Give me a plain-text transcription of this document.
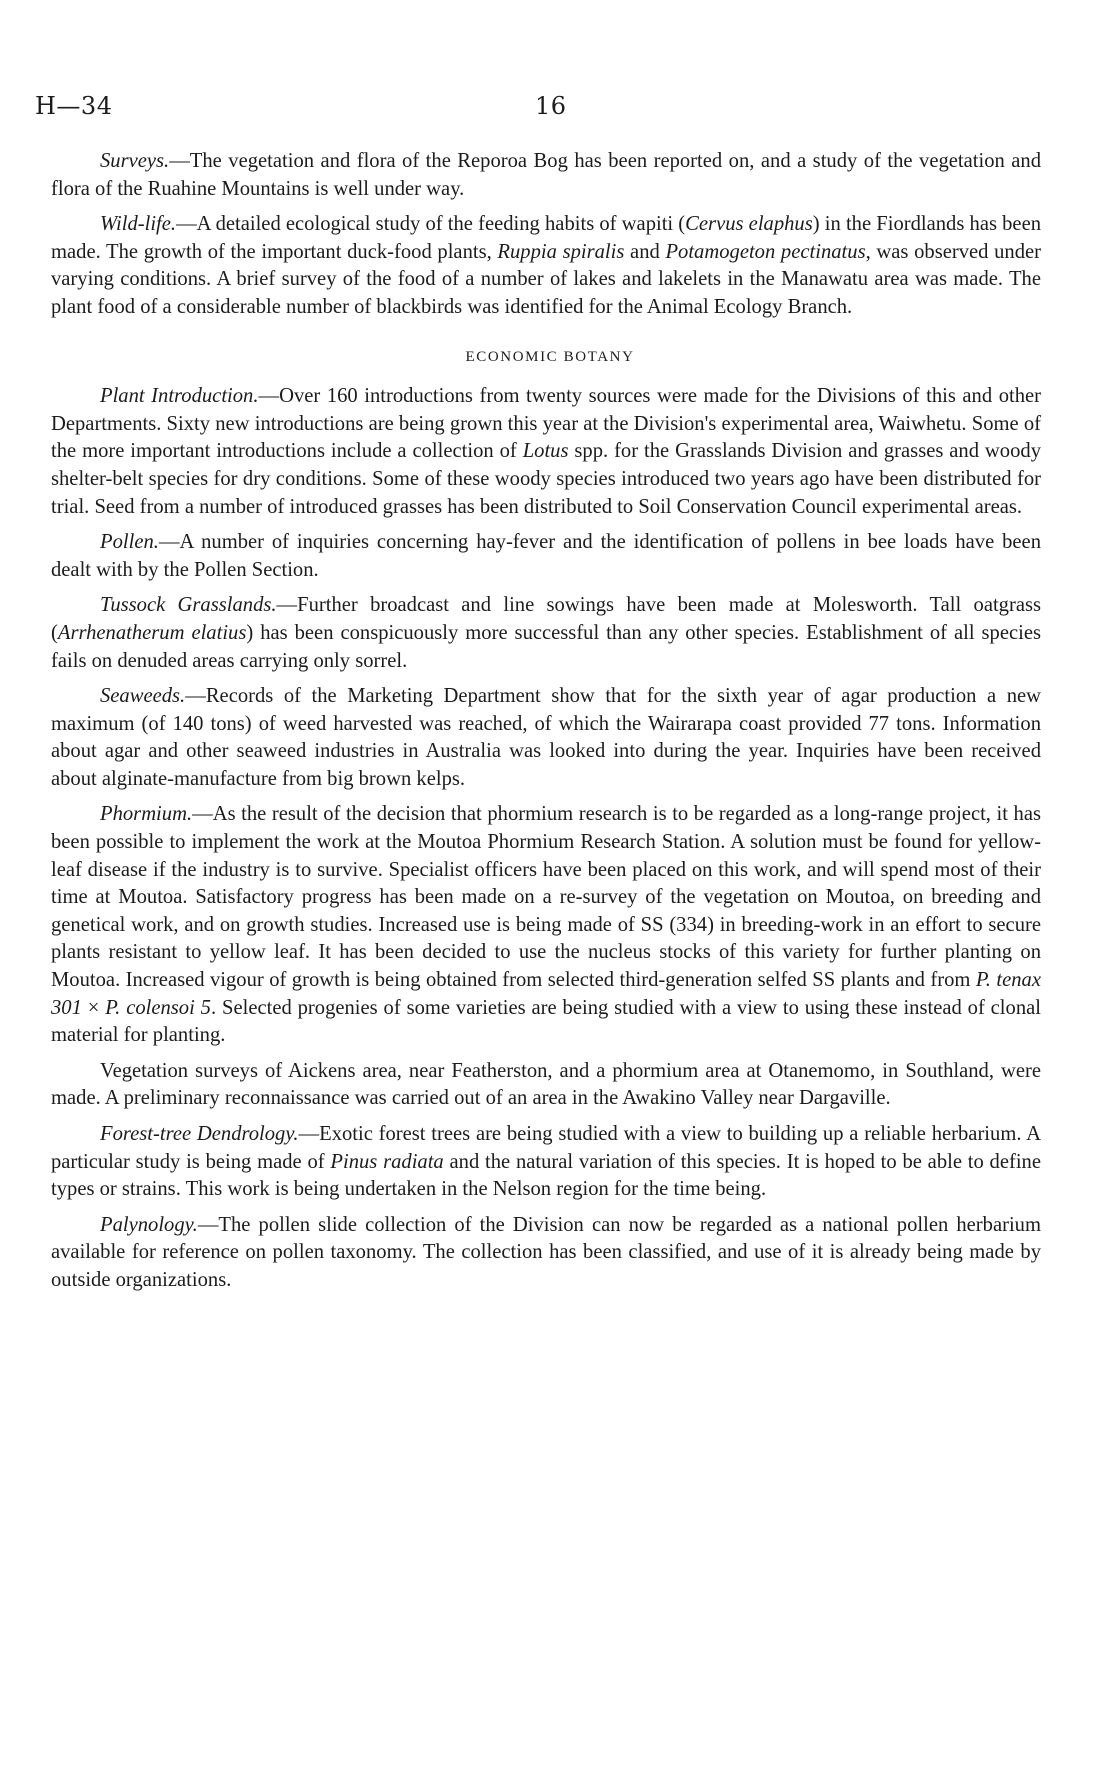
H—34	16

Surveys.—The vegetation and flora of the Reporoa Bog has been reported on, and a study of the vegetation and flora of the Ruahine Mountains is well under way.

Wild-life.—A detailed ecological study of the feeding habits of wapiti (Cervus elaphus) in the Fiordlands has been made. The growth of the important duck-food plants, Ruppia spiralis and Potamogeton pectinatus, was observed under varying conditions. A brief survey of the food of a number of lakes and lakelets in the Manawatu area was made. The plant food of a considerable number of blackbirds was identified for the Animal Ecology Branch.

ECONOMIC BOTANY

Plant Introduction.—Over 160 introductions from twenty sources were made for the Divisions of this and other Departments. Sixty new introductions are being grown this year at the Division's experimental area, Waiwhetu. Some of the more important introductions include a collection of Lotus spp. for the Grasslands Division and grasses and woody shelter-belt species for dry conditions. Some of these woody species introduced two years ago have been distributed for trial. Seed from a number of introduced grasses has been distributed to Soil Conservation Council experimental areas.

Pollen.—A number of inquiries concerning hay-fever and the identification of pollens in bee loads have been dealt with by the Pollen Section.

Tussock Grasslands.—Further broadcast and line sowings have been made at Molesworth. Tall oatgrass (Arrhenatherum elatius) has been conspicuously more successful than any other species. Establishment of all species fails on denuded areas carrying only sorrel.

Seaweeds.—Records of the Marketing Department show that for the sixth year of agar production a new maximum (of 140 tons) of weed harvested was reached, of which the Wairarapa coast provided 77 tons. Information about agar and other seaweed industries in Australia was looked into during the year. Inquiries have been received about alginate-manufacture from big brown kelps.

Phormium.—As the result of the decision that phormium research is to be regarded as a long-range project, it has been possible to implement the work at the Moutoa Phormium Research Station. A solution must be found for yellow-leaf disease if the industry is to survive. Specialist officers have been placed on this work, and will spend most of their time at Moutoa. Satisfactory progress has been made on a re-survey of the vegetation on Moutoa, on breeding and genetical work, and on growth studies. Increased use is being made of SS (334) in breeding-work in an effort to secure plants resistant to yellow leaf. It has been decided to use the nucleus stocks of this variety for further planting on Moutoa. Increased vigour of growth is being obtained from selected third-generation selfed SS plants and from P. tenax 301 × P. colensoi 5. Selected progenies of some varieties are being studied with a view to using these instead of clonal material for planting.

Vegetation surveys of Aickens area, near Featherston, and a phormium area at Otanemomo, in Southland, were made. A preliminary reconnaissance was carried out of an area in the Awakino Valley near Dargaville.

Forest-tree Dendrology.—Exotic forest trees are being studied with a view to building up a reliable herbarium. A particular study is being made of Pinus radiata and the natural variation of this species. It is hoped to be able to define types or strains. This work is being undertaken in the Nelson region for the time being.

Palynology.—The pollen slide collection of the Division can now be regarded as a national pollen herbarium available for reference on pollen taxonomy. The collection has been classified, and use of it is already being made by outside organizations.
